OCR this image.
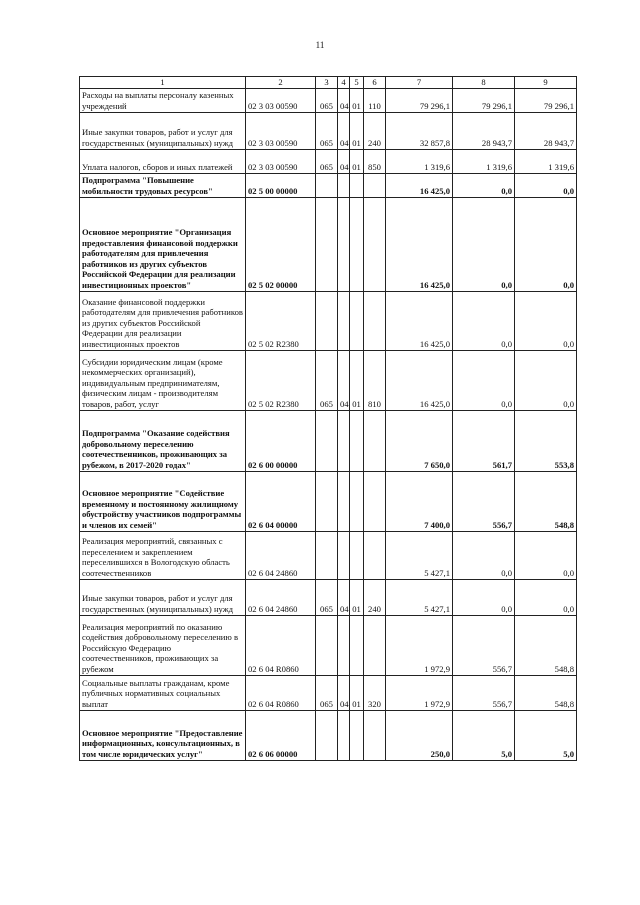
11
1	2	3	4	5	6	7	8	9
Расходы на выплаты персоналу казенных учреждений	02 3 03 00590	065	04	01	110	79 296,1	79 296,1	79 296,1
Иные закупки товаров, работ и услуг для государственных (муниципальных) нужд	02 3 03 00590	065	04	01	240	32 857,8	28 943,7	28 943,7
Уплата налогов, сборов и иных платежей	02 3 03 00590	065	04	01	850	1 319,6	1 319,6	1 319,6
Подпрограмма "Повышение мобильности трудовых ресурсов"	02 5 00 00000					16 425,0	0,0	0,0
Основное мероприятие "Организация предоставления финансовой поддержки работодателям для привлечения работников из других субъектов Российской Федерации для реализации инвестиционных проектов"	02 5 02 00000					16 425,0	0,0	0,0
Оказание финансовой поддержки работодателям для привлечения работников из других субъектов Российской Федерации для реализации инвестиционных проектов	02 5 02 R2380					16 425,0	0,0	0,0
Субсидии юридическим лицам (кроме некоммерческих организаций), индивидуальным предпринимателям, физическим лицам - производителям товаров, работ, услуг	02 5 02 R2380	065	04	01	810	16 425,0	0,0	0,0
Подпрограмма "Оказание содействия добровольному переселению соотечественников, проживающих за рубежом, в 2017-2020 годах"	02 6 00 00000					7 650,0	561,7	553,8
Основное мероприятие "Содействие временному и постоянному жилищному обустройству участников подпрограммы и членов их семей"	02 6 04 00000					7 400,0	556,7	548,8
Реализация мероприятий, связанных с переселением и закреплением переселившихся в Вологодскую область соотечественников	02 6 04 24860					5 427,1	0,0	0,0
Иные закупки товаров, работ и услуг для государственных (муниципальных) нужд	02 6 04 24860	065	04	01	240	5 427,1	0,0	0,0
Реализация мероприятий по оказанию содействия добровольному переселению в Российскую Федерацию соотечественников, проживающих за рубежом	02 6 04 R0860					1 972,9	556,7	548,8
Социальные выплаты гражданам, кроме публичных нормативных социальных выплат	02 6 04 R0860	065	04	01	320	1 972,9	556,7	548,8
Основное мероприятие "Предоставление информационных, консультационных, в том числе юридических услуг"	02 6 06 00000					250,0	5,0	5,0
